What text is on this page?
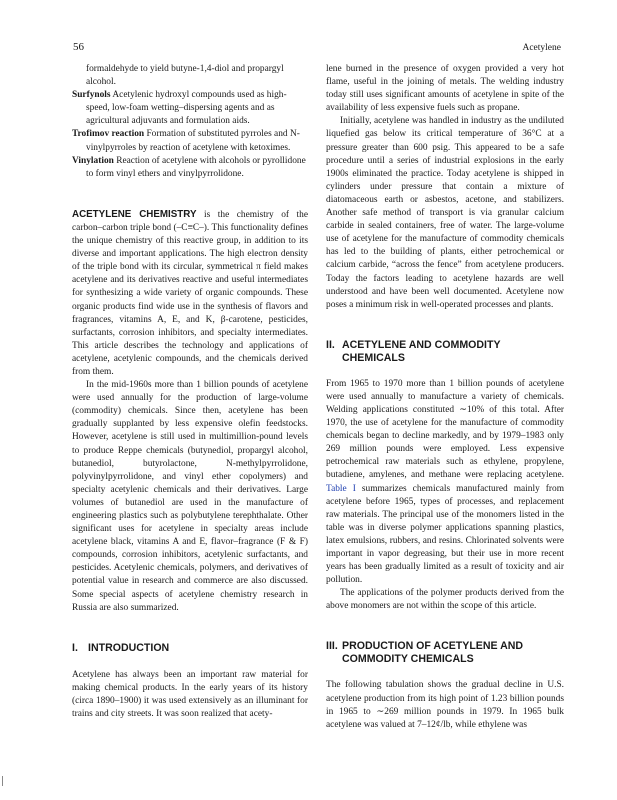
56	Acetylene

formaldehyde to yield butyne-1,4-diol and propargyl alcohol.

Surfynols Acetylenic hydroxyl compounds used as high-speed, low-foam wetting–dispersing agents and as agricultural adjuvants and formulation aids.

Trofimov reaction Formation of substituted pyrroles and N-vinylpyrroles by reaction of acetylene with ketoximes.

Vinylation Reaction of acetylene with alcohols or pyrollidone to form vinyl ethers and vinylpyrrolidone.

ACETYLENE CHEMISTRY is the chemistry of the carbon–carbon triple bond (–C≡C–). This functionality defines the unique chemistry of this reactive group, in addition to its diverse and important applications. The high electron density of the triple bond with its circular, symmetrical π field makes acetylene and its derivatives reactive and useful intermediates for synthesizing a wide variety of organic compounds. These organic products find wide use in the synthesis of flavors and fragrances, vitamins A, E, and K, β-carotene, pesticides, surfactants, corrosion inhibitors, and specialty intermediates. This article describes the technology and applications of acetylene, acetylenic compounds, and the chemicals derived from them.

In the mid-1960s more than 1 billion pounds of acetylene were used annually for the production of large-volume (commodity) chemicals. Since then, acetylene has been gradually supplanted by less expensive olefin feedstocks. However, acetylene is still used in multimillion-pound levels to produce Reppe chemicals (butynediol, propargyl alcohol, butanediol, butyrolactone, N-methylpyrrolidone, polyvinylpyrrolidone, and vinyl ether copolymers) and specialty acetylenic chemicals and their derivatives. Large volumes of butanediol are used in the manufacture of engineering plastics such as polybutylene terephthalate. Other significant uses for acetylene in specialty areas include acetylene black, vitamins A and E, flavor–fragrance (F & F) compounds, corrosion inhibitors, acetylenic surfactants, and pesticides. Acetylenic chemicals, polymers, and derivatives of potential value in research and commerce are also discussed. Some special aspects of acetylene chemistry research in Russia are also summarized.

I. INTRODUCTION

Acetylene has always been an important raw material for making chemical products. In the early years of its history (circa 1890–1900) it was used extensively as an illuminant for trains and city streets. It was soon realized that acety-

lene burned in the presence of oxygen provided a very hot flame, useful in the joining of metals. The welding industry today still uses significant amounts of acetylene in spite of the availability of less expensive fuels such as propane.

Initially, acetylene was handled in industry as the undiluted liquefied gas below its critical temperature of 36°C at a pressure greater than 600 psig. This appeared to be a safe procedure until a series of industrial explosions in the early 1900s eliminated the practice. Today acetylene is shipped in cylinders under pressure that contain a mixture of diatomaceous earth or asbestos, acetone, and stabilizers. Another safe method of transport is via granular calcium carbide in sealed containers, free of water. The large-volume use of acetylene for the manufacture of commodity chemicals has led to the building of plants, either petrochemical or calcium carbide, “across the fence” from acetylene producers. Today the factors leading to acetylene hazards are well understood and have been well documented. Acetylene now poses a minimum risk in well-operated processes and plants.

II. ACETYLENE AND COMMODITY CHEMICALS

From 1965 to 1970 more than 1 billion pounds of acetylene were used annually to manufacture a variety of chemicals. Welding applications constituted ∼10% of this total. After 1970, the use of acetylene for the manufacture of commodity chemicals began to decline markedly, and by 1979–1983 only 269 million pounds were employed. Less expensive petrochemical raw materials such as ethylene, propylene, butadiene, amylenes, and methane were replacing acetylene. Table I summarizes chemicals manufactured mainly from acetylene before 1965, types of processes, and replacement raw materials. The principal use of the monomers listed in the table was in diverse polymer applications spanning plastics, latex emulsions, rubbers, and resins. Chlorinated solvents were important in vapor degreasing, but their use in more recent years has been gradually limited as a result of toxicity and air pollution.

The applications of the polymer products derived from the above monomers are not within the scope of this article.

III. PRODUCTION OF ACETYLENE AND COMMODITY CHEMICALS

The following tabulation shows the gradual decline in U.S. acetylene production from its high point of 1.23 billion pounds in 1965 to ∼269 million pounds in 1979. In 1965 bulk acetylene was valued at 7–12¢/lb, while ethylene was
